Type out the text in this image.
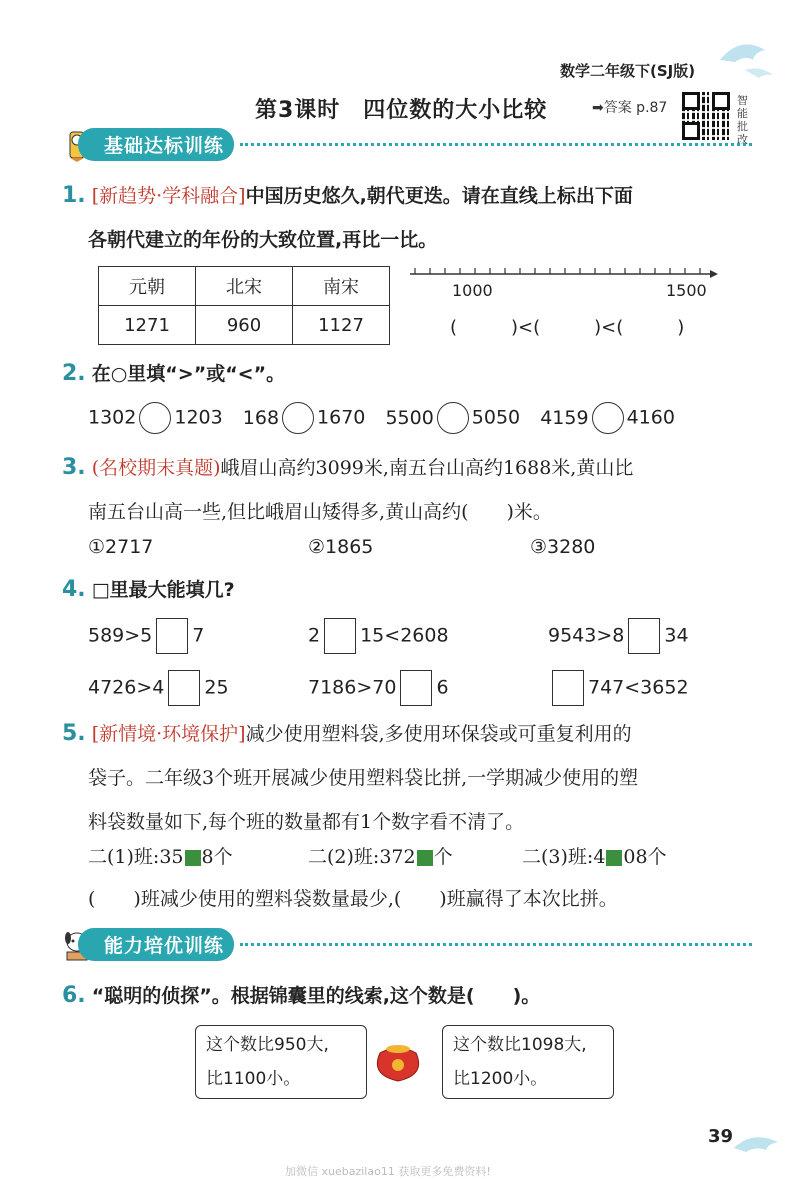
数学二年级下(SJ版)
第3课时　四位数的大小比较	➡答案 p.87	智能批改
基础达标训练
1. [新趋势·学科融合]中国历史悠久,朝代更迭。请在直线上标出下面
各朝代建立的年份的大致位置,再比一比。
元朝	北宋	南宋
1271	960	1127
1000	1500
(　　　)<(　　　)<(　　　)
2. 在○里填“>”或“<”。
1302 1203 168 1670 5500 5050 4159 4160
3. (名校期末真题)峨眉山高约3099米,南五台山高约1688米,黄山比
南五台山高一些,但比峨眉山矮得多,黄山高约(　　)米。
①2717	②1865	③3280
4. □里最大能填几?
589>5 7	2 15<2608	9543>8 34
4726>4 25	7186>70 6	747<3652
5. [新情境·环境保护]减少使用塑料袋,多使用环保袋或可重复利用的
袋子。二年级3个班开展减少使用塑料袋比拼,一学期减少使用的塑
料袋数量如下,每个班的数量都有1个数字看不清了。
二(1)班:35 8个	二(2)班:372 个	二(3)班:4 08个
(　　)班减少使用的塑料袋数量最少,(　　)班赢得了本次比拼。
能力培优训练
6. “聪明的侦探”。根据锦囊里的线索,这个数是(　　)。
这个数比950大,
比1100小。
这个数比1098大,
比1200小。
39
加微信 xuebazilao11 获取更多免费资料!
